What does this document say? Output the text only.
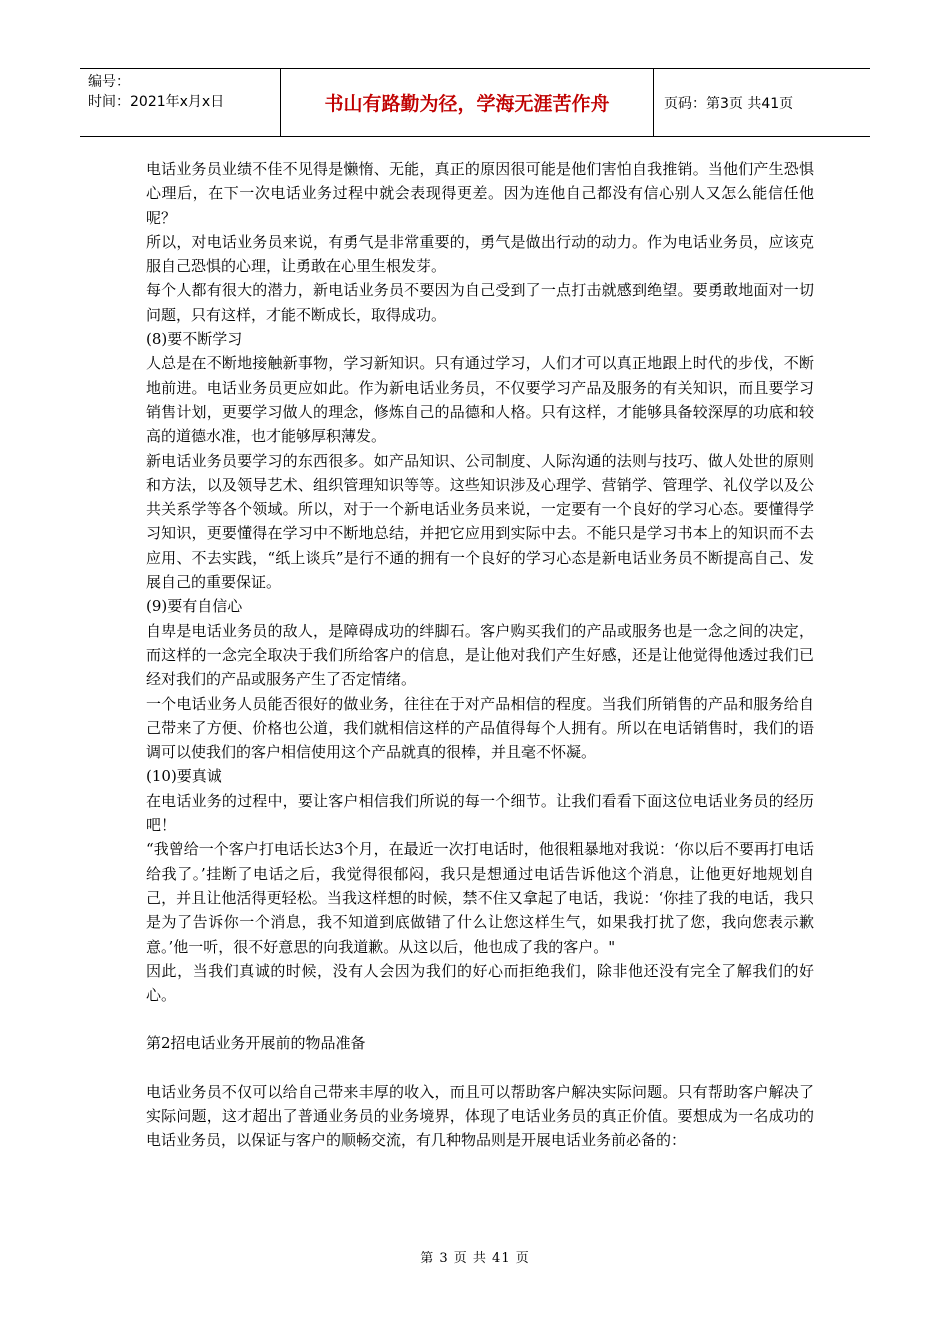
编号：
时间：2021年x月x日	书山有路勤为径，学海无涯苦作舟	页码：第3页 共41页

电话业务员业绩不佳不见得是懒惰、无能，真正的原因很可能是他们害怕自我推销。当他们产生恐惧心理后，在下一次电话业务过程中就会表现得更差。因为连他自己都没有信心别人又怎么能信任他呢？

所以，对电话业务员来说，有勇气是非常重要的，勇气是做出行动的动力。作为电话业务员，应该克服自己恐惧的心理，让勇敢在心里生根发芽。

每个人都有很大的潜力，新电话业务员不要因为自己受到了一点打击就感到绝望。要勇敢地面对一切问题，只有这样，才能不断成长，取得成功。

(8)要不断学习

人总是在不断地接触新事物，学习新知识。只有通过学习，人们才可以真正地跟上时代的步伐，不断地前进。电话业务员更应如此。作为新电话业务员，不仅要学习产品及服务的有关知识，而且要学习销售计划，更要学习做人的理念，修炼自己的品德和人格。只有这样，才能够具备较深厚的功底和较高的道德水准，也才能够厚积薄发。

新电话业务员要学习的东西很多。如产品知识、公司制度、人际沟通的法则与技巧、做人处世的原则和方法，以及领导艺术、组织管理知识等等。这些知识涉及心理学、营销学、管理学、礼仪学以及公共关系学等各个领域。所以，对于一个新电话业务员来说，一定要有一个良好的学习心态。要懂得学习知识，更要懂得在学习中不断地总结，并把它应用到实际中去。不能只是学习书本上的知识而不去应用、不去实践，“纸上谈兵”是行不通的拥有一个良好的学习心态是新电话业务员不断提高自己、发展自己的重要保证。

(9)要有自信心

自卑是电话业务员的敌人，是障碍成功的绊脚石。客户购买我们的产品或服务也是一念之间的决定，而这样的一念完全取决于我们所给客户的信息，是让他对我们产生好感，还是让他觉得他透过我们已经对我们的产品或服务产生了否定情绪。

一个电话业务人员能否很好的做业务，往往在于对产品相信的程度。当我们所销售的产品和服务给自己带来了方便、价格也公道，我们就相信这样的产品值得每个人拥有。所以在电话销售时，我们的语调可以使我们的客户相信使用这个产品就真的很棒，并且毫不怀凝。

(10)要真诚

在电话业务的过程中，要让客户相信我们所说的每一个细节。让我们看看下面这位电话业务员的经历吧！

“我曾给一个客户打电话长达3个月，在最近一次打电话时，他很粗暴地对我说：‘你以后不要再打电话给我了。’挂断了电话之后，我觉得很郁闷，我只是想通过电话告诉他这个消息，让他更好地规划自己，并且让他活得更轻松。当我这样想的时候，禁不住又拿起了电话，我说：‘你挂了我的电话，我只是为了告诉你一个消息，我不知道到底做错了什么让您这样生气，如果我打扰了您，我向您表示歉意。’他一听，很不好意思的向我道歉。从这以后，他也成了我的客户。"

因此，当我们真诚的时候，没有人会因为我们的好心而拒绝我们，除非他还没有完全了解我们的好心。

第2招电话业务开展前的物品准备

电话业务员不仅可以给自己带来丰厚的收入，而且可以帮助客户解决实际问题。只有帮助客户解决了实际问题，这才超出了普通业务员的业务境界，体现了电话业务员的真正价值。要想成为一名成功的电话业务员，以保证与客户的顺畅交流，有几种物品则是开展电话业务前必备的：

第 3 页 共 41 页
